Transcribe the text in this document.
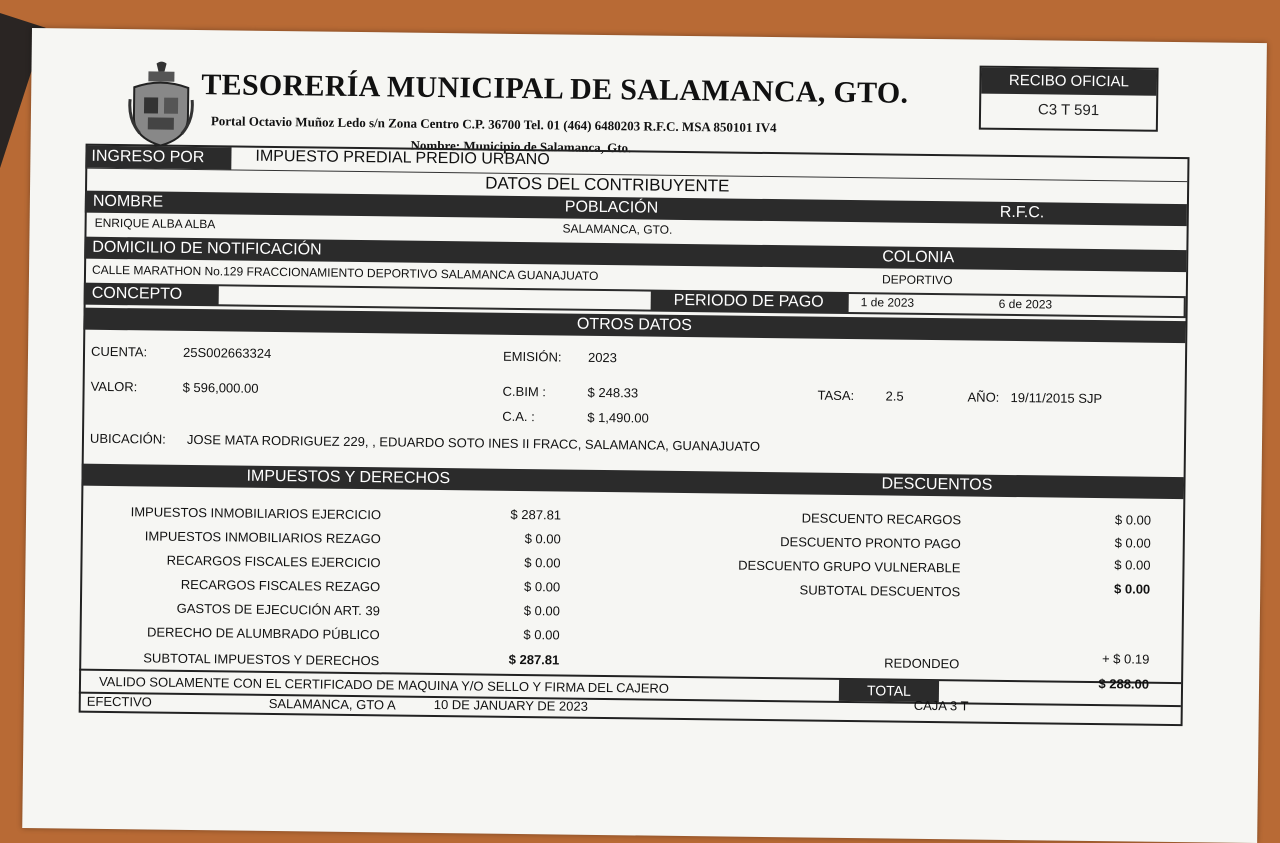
TESORERÍA MUNICIPAL DE SALAMANCA, GTO.
Portal Octavio Muñoz Ledo s/n Zona Centro C.P. 36700 Tel. 01 (464) 6480203 R.F.C. MSA 850101 IV4
Nombre: Municipio de Salamanca, Gto.
RECIBO OFICIAL
C3 T 591
INGRESO POR	IMPUESTO PREDIAL PREDIO URBANO
DATOS DEL CONTRIBUYENTE
NOMBRE	POBLACIÓN	R.F.C.
ENRIQUE ALBA ALBA	SALAMANCA, GTO.
DOMICILIO DE NOTIFICACIÓN	COLONIA
CALLE MARATHON No.129 FRACCIONAMIENTO DEPORTIVO SALAMANCA GUANAJUATO	DEPORTIVO
CONCEPTO	PERIODO DE PAGO	1 de 2023	6 de 2023
OTROS DATOS
CUENTA:	25S002663324	EMISIÓN: 2023
VALOR:	$ 596,000.00	C.BIM :	$ 248.33	TASA: 2.5	AÑO: 19/11/2015 SJP
C.A. :	$ 1,490.00
UBICACIÓN: JOSE MATA RODRIGUEZ 229, , EDUARDO SOTO INES II FRACC, SALAMANCA, GUANAJUATO
IMPUESTOS Y DERECHOS	DESCUENTOS
IMPUESTOS INMOBILIARIOS EJERCICIO	$ 287.81
IMPUESTOS INMOBILIARIOS REZAGO	$ 0.00
RECARGOS FISCALES EJERCICIO	$ 0.00
RECARGOS FISCALES REZAGO	$ 0.00
GASTOS DE EJECUCIÓN ART. 39	$ 0.00
DERECHO DE ALUMBRADO PÚBLICO	$ 0.00
SUBTOTAL IMPUESTOS Y DERECHOS	$ 287.81
DESCUENTO RECARGOS	$ 0.00
DESCUENTO PRONTO PAGO	$ 0.00
DESCUENTO GRUPO VULNERABLE	$ 0.00
SUBTOTAL DESCUENTOS	$ 0.00
REDONDEO	+ $ 0.19
VALIDO SOLAMENTE CON EL CERTIFICADO DE MAQUINA Y/O SELLO Y FIRMA DEL CAJERO	TOTAL	$ 288.00
EFECTIVO	SALAMANCA, GTO A	10 DE JANUARY DE 2023	CAJA 3 T
